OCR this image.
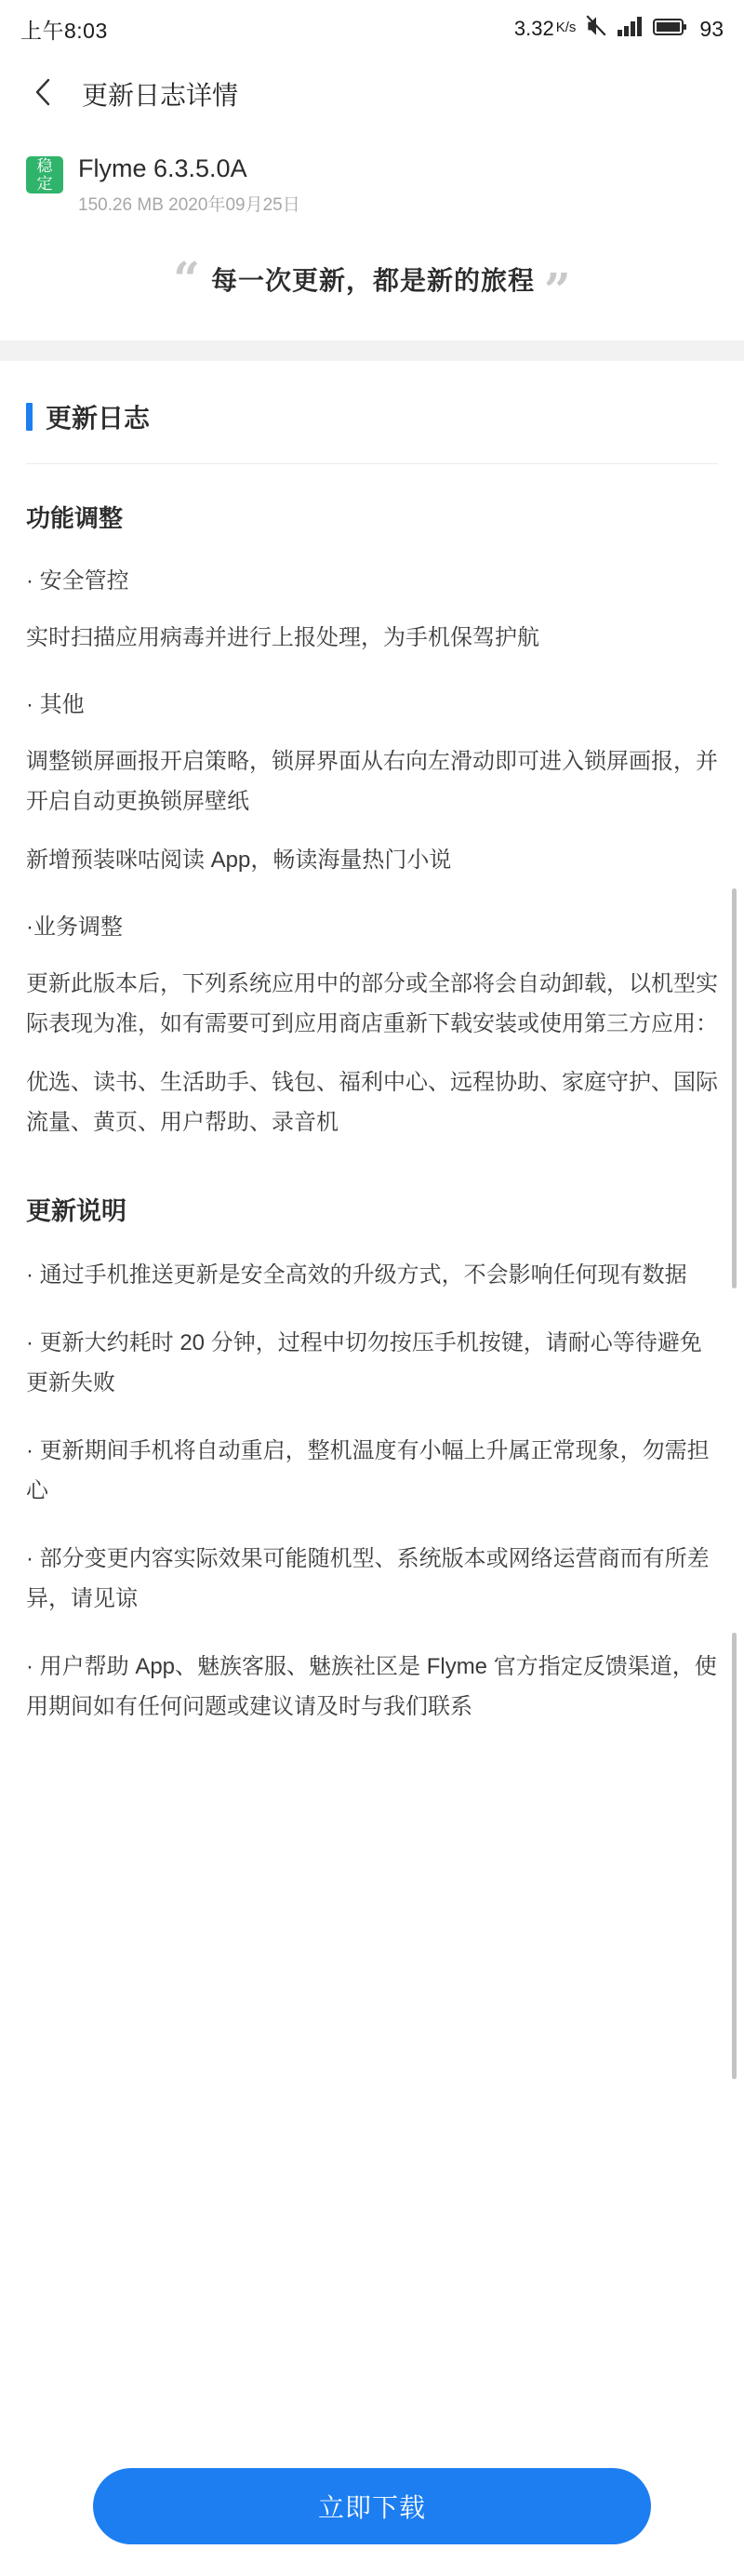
上午8:03	3.32 K/s	93
更新日志详情
稳
定
Flyme 6.3.5.0A
150.26 MB 2020年09月25日
“ 每一次更新，都是新的旅程 ”
更新日志
功能调整
· 安全管控
实时扫描应用病毒并进行上报处理，为手机保驾护航
· 其他
调整锁屏画报开启策略，锁屏界面从右向左滑动即可进入锁屏画报，并开启自动更换锁屏壁纸
新增预装咪咕阅读 App，畅读海量热门小说
·业务调整
更新此版本后，下列系统应用中的部分或全部将会自动卸载，以机型实际表现为准，如有需要可到应用商店重新下载安装或使用第三方应用：
优选、读书、生活助手、钱包、福利中心、远程协助、家庭守护、国际流量、黄页、用户帮助、录音机
更新说明
· 通过手机推送更新是安全高效的升级方式，不会影响任何现有数据
· 更新大约耗时 20 分钟，过程中切勿按压手机按键，请耐心等待避免更新失败
· 更新期间手机将自动重启，整机温度有小幅上升属正常现象，勿需担心
· 部分变更内容实际效果可能随机型、系统版本或网络运营商而有所差异，请见谅
· 用户帮助 App、魅族客服、魅族社区是 Flyme 官方指定反馈渠道，使用期间如有任何问题或建议请及时与我们联系
立即下载
